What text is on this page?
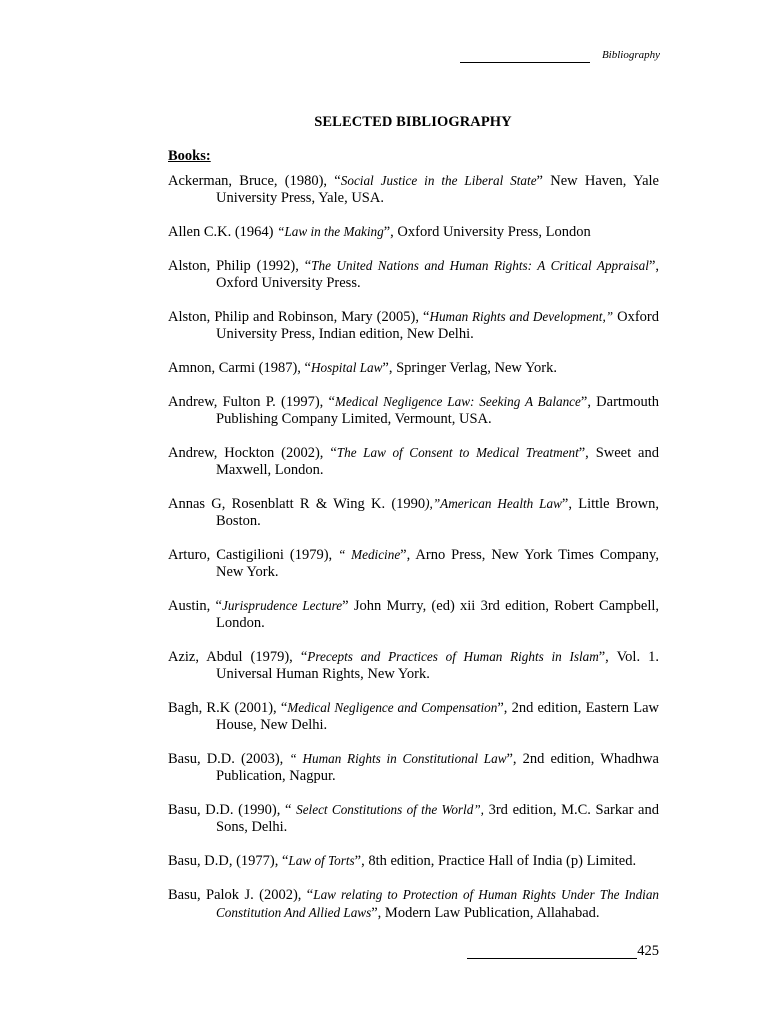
Bibliography
SELECTED BIBLIOGRAPHY
Books:

Ackerman, Bruce, (1980), “Social Justice in the Liberal State” New Haven, Yale University Press, Yale, USA.

Allen C.K. (1964) “Law in the Making”, Oxford University Press, London

Alston, Philip (1992), “The United Nations and Human Rights: A Critical Appraisal”, Oxford University Press.

Alston, Philip and Robinson, Mary (2005), “Human Rights and Development,” Oxford University Press, Indian edition, New Delhi.

Amnon, Carmi (1987), “Hospital Law”, Springer Verlag, New York.

Andrew, Fulton P. (1997), “Medical Negligence Law: Seeking A Balance”, Dartmouth Publishing Company Limited, Vermount, USA.

Andrew, Hockton (2002), “The Law of Consent to Medical Treatment”, Sweet and Maxwell, London.

Annas G, Rosenblatt R & Wing K. (1990),”American Health Law”, Little Brown, Boston.

Arturo, Castigilioni (1979), “ Medicine”, Arno Press, New York Times Company, New York.

Austin, “Jurisprudence Lecture” John Murry, (ed) xii 3rd edition, Robert Campbell, London.

Aziz, Abdul (1979), “Precepts and Practices of Human Rights in Islam”, Vol. 1. Universal Human Rights, New York.

Bagh, R.K (2001), “Medical Negligence and Compensation”, 2nd edition, Eastern Law House, New Delhi.

Basu, D.D. (2003), “ Human Rights in Constitutional Law”, 2nd edition, Whadhwa Publication, Nagpur.

Basu, D.D. (1990), “ Select Constitutions of the World”, 3rd edition, M.C. Sarkar and Sons, Delhi.

Basu, D.D, (1977), “Law of Torts”, 8th edition, Practice Hall of India (p) Limited.

Basu, Palok J. (2002), “Law relating to Protection of Human Rights Under The Indian Constitution And Allied Laws”, Modern Law Publication, Allahabad.

425
